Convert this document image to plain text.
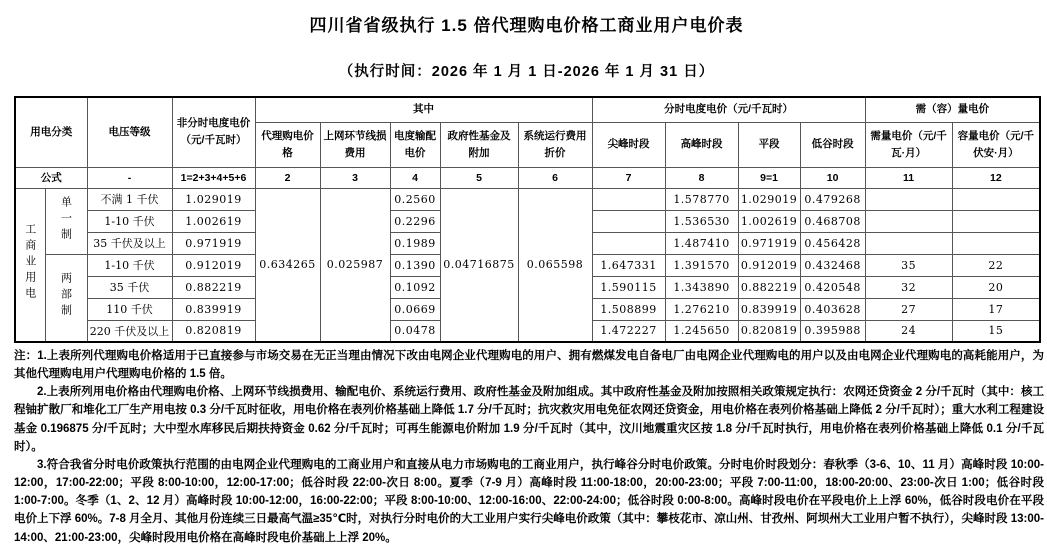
四川省省级执行 1.5 倍代理购电价格工商业用户电价表
（执行时间：2026 年 1 月 1 日-2026 年 1 月 31 日）
用电分类		电压等级	非分时电度电价（元/千瓦时）	其中					分时电度电价（元/千瓦时）				需（容）量电价	
				代理购电价格	上网环节线损费用	电度输配电价	政府性基金及附加	系统运行费用折价	尖峰时段	高峰时段	平段	低谷时段	需量电价（元/千瓦·月）	容量电价（元/千伏安·月）
公式		-	1=2+3+4+5+6	2	3	4	5	6	7	8	9=1	10	11	12
工商业用电	单一制	不满 1 千伏	1.029019	0.634265	0.025987	0.2560	0.04716875	0.065598		1.578770	1.029019	0.479268		
		1-10 千伏	1.002619			0.2296				1.536530	1.002619	0.468708		
		35 千伏及以上	0.971919			0.1989				1.487410	0.971919	0.456428		
	两部制	1-10 千伏	0.912019			0.1390			1.647331	1.391570	0.912019	0.432468	35	22
		35 千伏	0.882219			0.1092			1.590115	1.343890	0.882219	0.420548	32	20
		110 千伏	0.839919			0.0669			1.508899	1.276210	0.839919	0.403628	27	17
		220 千伏及以上	0.820819			0.0478			1.472227	1.245650	0.820819	0.395988	24	15

注：1.上表所列代理购电价格适用于已直接参与市场交易在无正当理由情况下改由电网企业代理购电的用户、拥有燃煤发电自备电厂由电网企业代理购电的用户以及由电网企业代理购电的高耗能用户，为其他代理购电用户代理购电价格的 1.5 倍。

2.上表所列用电价格由代理购电价格、上网环节线损费用、输配电价、系统运行费用、政府性基金及附加组成。其中政府性基金及附加按照相关政策规定执行：农网还贷资金 2 分/千瓦时（其中：核工程铀扩散厂和堆化工厂生产用电按 0.3 分/千瓦时征收，用电价格在表列价格基础上降低 1.7 分/千瓦时；抗灾救灾用电免征农网还贷资金，用电价格在表列价格基础上降低 2 分/千瓦时）；重大水利工程建设基金 0.196875 分/千瓦时；大中型水库移民后期扶持资金 0.62 分/千瓦时；可再生能源电价附加 1.9 分/千瓦时（其中，汶川地震重灾区按 1.8 分/千瓦时执行，用电价格在表列价格基础上降低 0.1 分/千瓦时）。

3.符合我省分时电价政策执行范围的由电网企业代理购电的工商业用户和直接从电力市场购电的工商业用户，执行峰谷分时电价政策。分时电价时段划分：春秋季（3-6、10、11 月）高峰时段 10:00-12:00，17:00-22:00；平段 8:00-10:00，12:00-17:00；低谷时段 22:00-次日 8:00。夏季（7-9 月）高峰时段 11:00-18:00，20:00-23:00；平段 7:00-11:00，18:00-20:00、23:00-次日 1:00；低谷时段 1:00-7:00。冬季（1、2、12 月）高峰时段 10:00-12:00，16:00-22:00；平段 8:00-10:00、12:00-16:00、22:00-24:00；低谷时段 0:00-8:00。高峰时段电价在平段电价上上浮 60%，低谷时段电价在平段电价上下浮 60%。7-8 月全月、其他月份连续三日最高气温≥35℃时，对执行分时电价的大工业用户实行尖峰电价政策（其中：攀枝花市、凉山州、甘孜州、阿坝州大工业用户暂不执行），尖峰时段 13:00-14:00、21:00-23:00，尖峰时段用电价格在高峰时段电价基础上上浮 20%。
